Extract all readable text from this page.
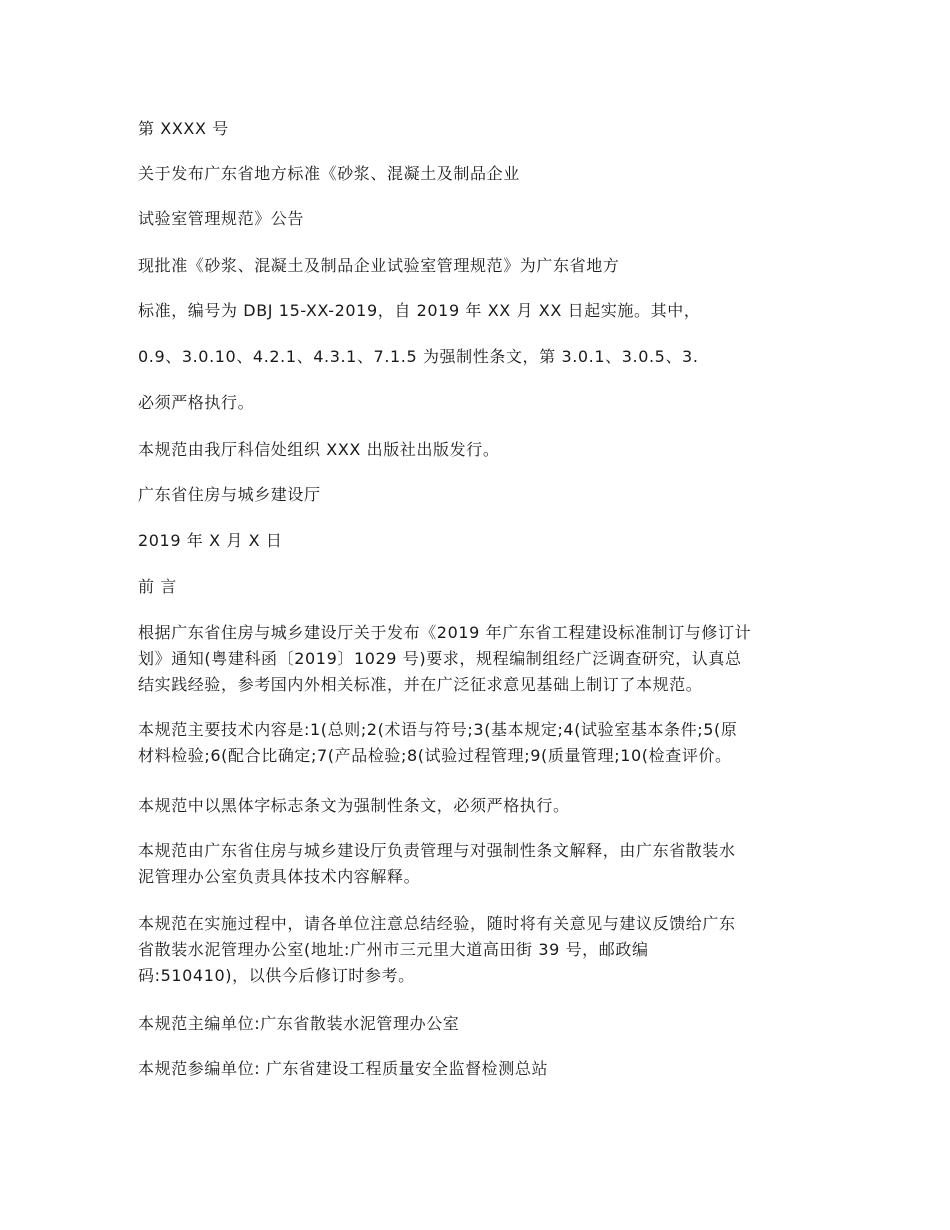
第 XXXX 号

关于发布广东省地方标准《砂浆、混凝土及制品企业

试验室管理规范》公告

现批准《砂浆、混凝土及制品企业试验室管理规范》为广东省地方

标准，编号为 DBJ 15-XX-2019，自 2019 年 XX 月 XX 日起实施。其中，

0.9、3.0.10、4.2.1、4.3.1、7.1.5 为强制性条文，第 3.0.1、3.0.5、3.

必须严格执行。

本规范由我厅科信处组织 XXX 出版社出版发行。

广东省住房与城乡建设厅

2019 年 X 月 X 日

前 言

根据广东省住房与城乡建设厅关于发布《2019 年广东省工程建设标准制订与修订计
划》通知(粤建科函〔2019〕1029 号)要求，规程编制组经广泛调查研究，认真总
结实践经验，参考国内外相关标准，并在广泛征求意见基础上制订了本规范。
本规范主要技术内容是:1(总则;2(术语与符号;3(基本规定;4(试验室基本条件;5(原
材料检验;6(配合比确定;7(产品检验;8(试验过程管理;9(质量管理;10(检查评价。

本规范中以黑体字标志条文为强制性条文，必须严格执行。

本规范由广东省住房与城乡建设厅负责管理与对强制性条文解释，由广东省散装水
泥管理办公室负责具体技术内容解释。
本规范在实施过程中，请各单位注意总结经验，随时将有关意见与建议反馈给广东
省散装水泥管理办公室(地址:广州市三元里大道高田街 39 号，邮政编
码:510410)，以供今后修订时参考。

本规范主编单位:广东省散装水泥管理办公室

本规范参编单位: 广东省建设工程质量安全监督检测总站
